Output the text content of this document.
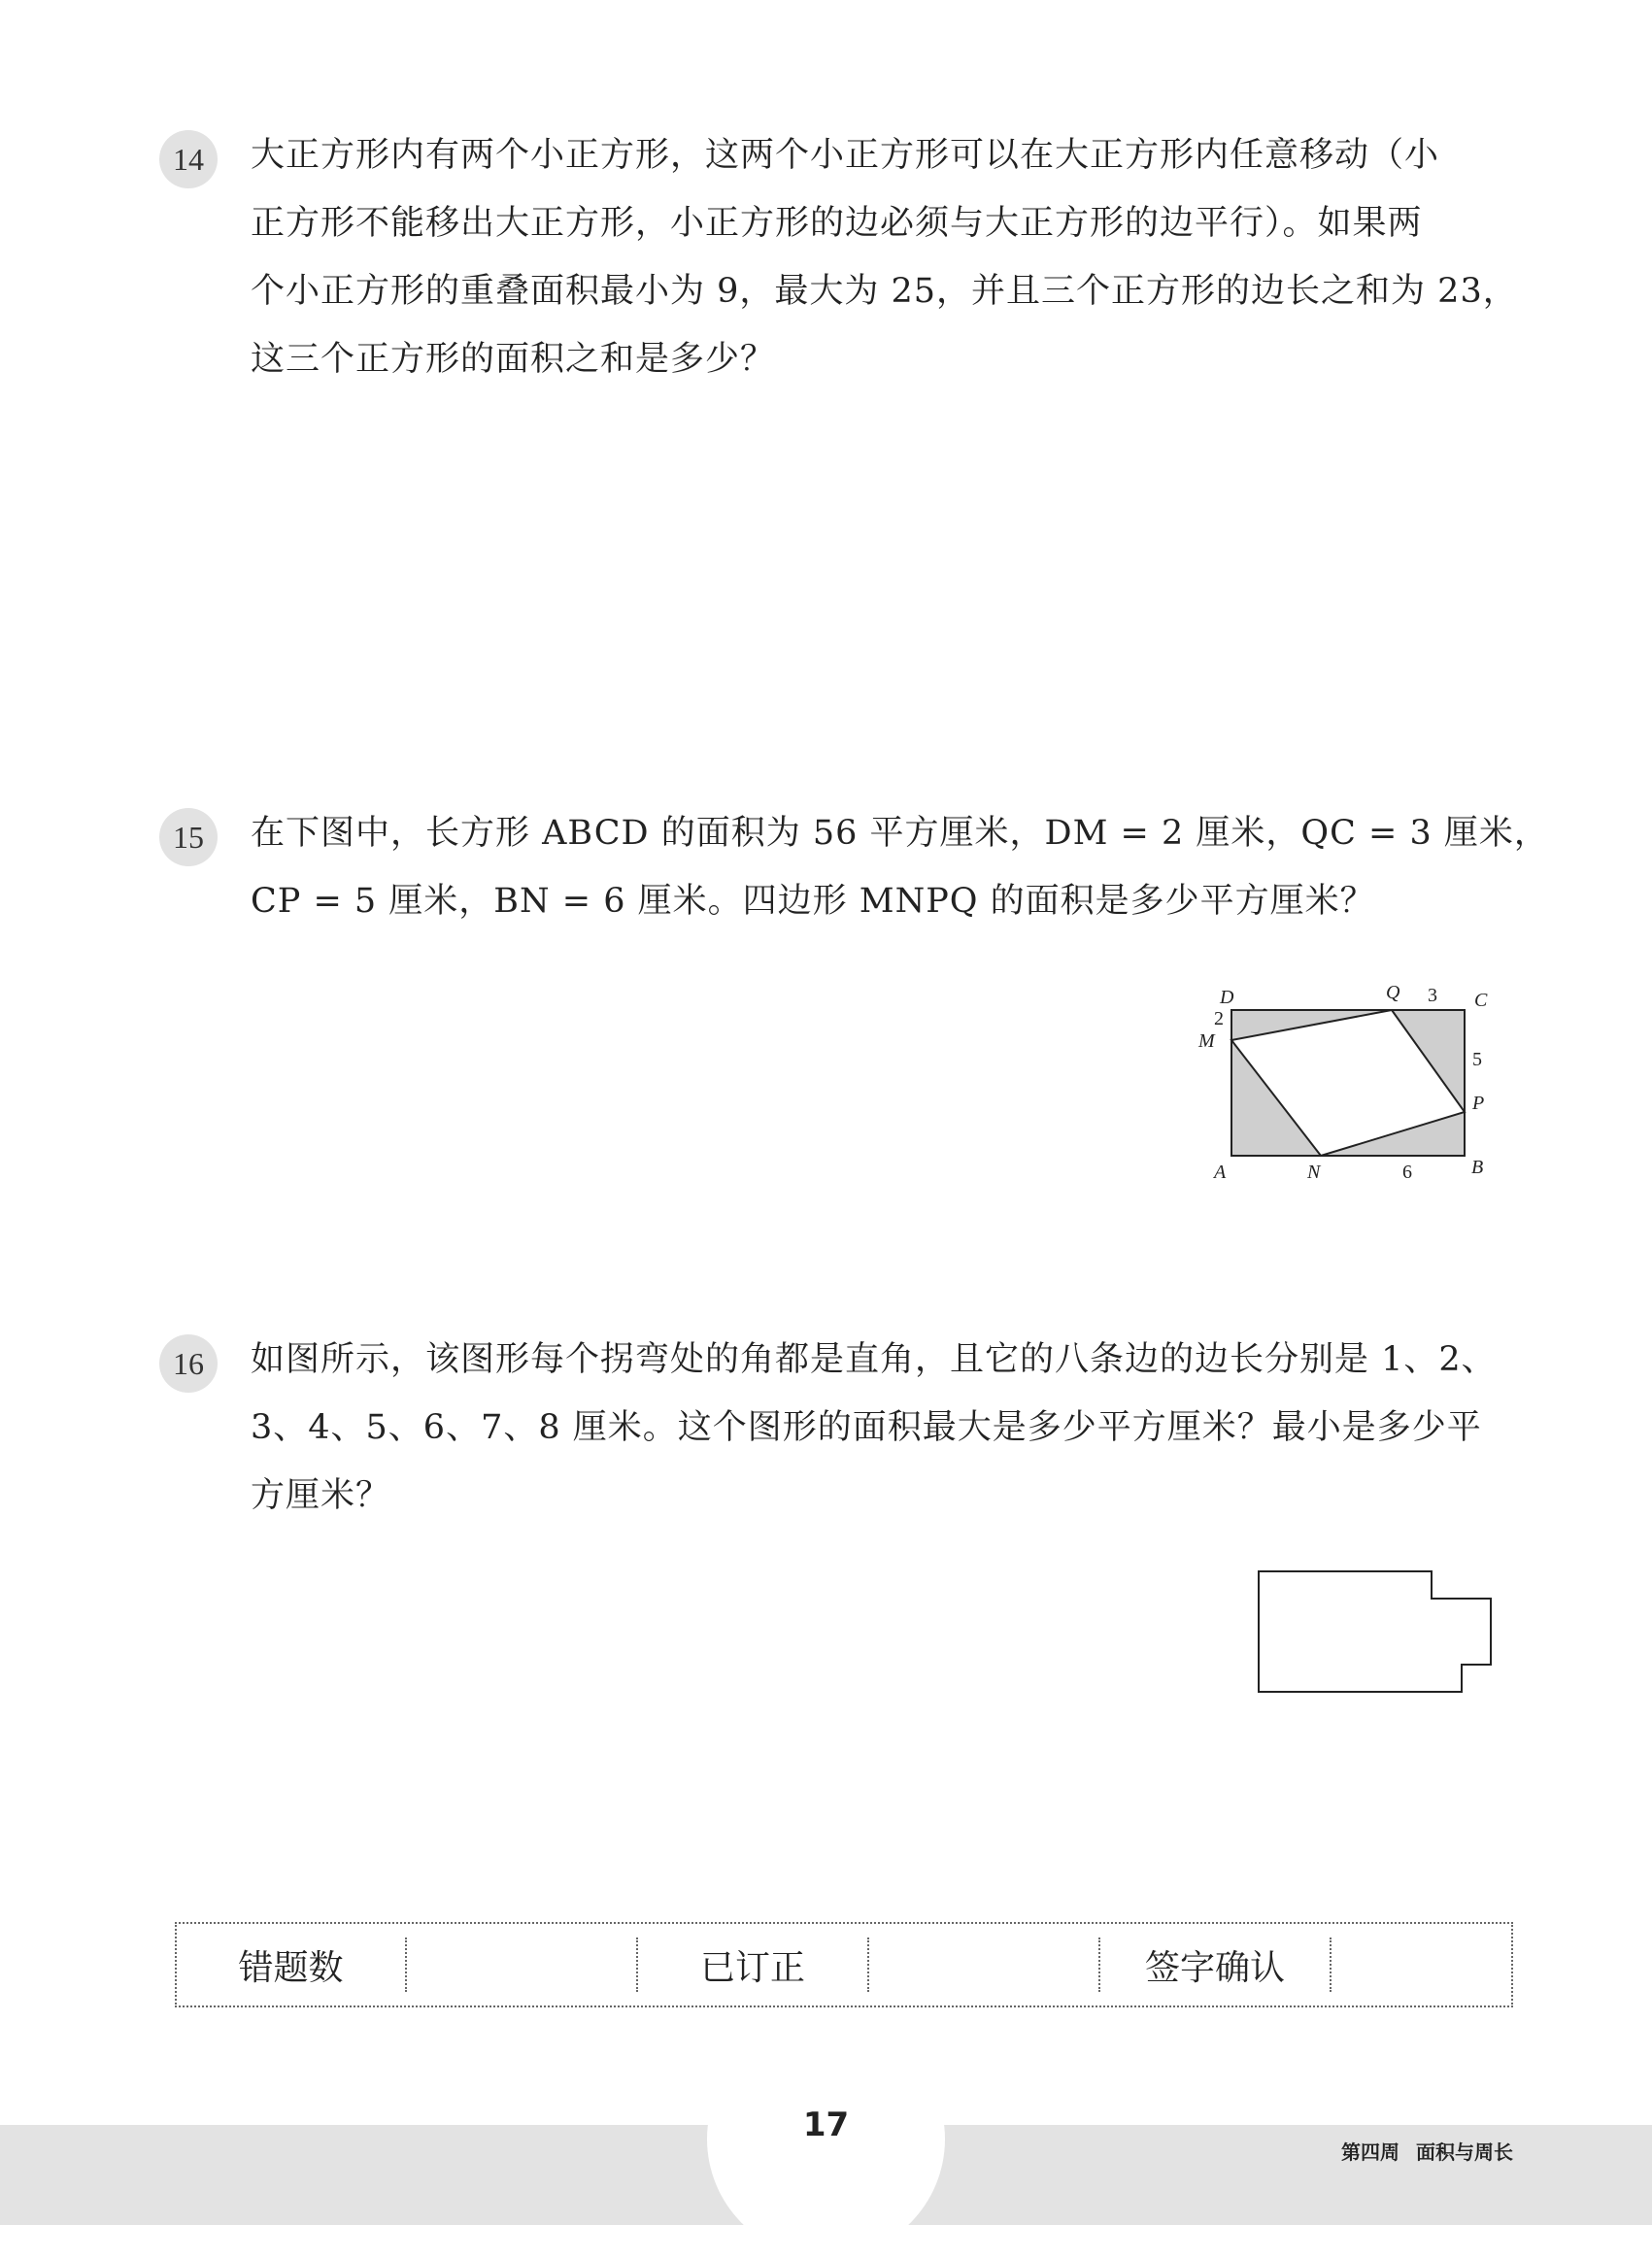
14	大正方形内有两个小正方形，这两个小正方形可以在大正方形内任意移动（小
正方形不能移出大正方形，小正方形的边必须与大正方形的边平行）。如果两
个小正方形的重叠面积最小为 9，最大为 25，并且三个正方形的边长之和为 23，
这三个正方形的面积之和是多少？
15	在下图中，长方形 ABCD 的面积为 56 平方厘米，DM = 2 厘米，QC = 3 厘米，
CP = 5 厘米，BN = 6 厘米。四边形 MNPQ 的面积是多少平方厘米？
D
2
M
Q 3 C
5
P
A	N	6	B
16	如图所示，该图形每个拐弯处的角都是直角，且它的八条边的边长分别是 1、2、
3、4、5、6、7、8 厘米。这个图形的面积最大是多少平方厘米？最小是多少平
方厘米？
错题数	已订正	签字确认
17
第四周 面积与周长
